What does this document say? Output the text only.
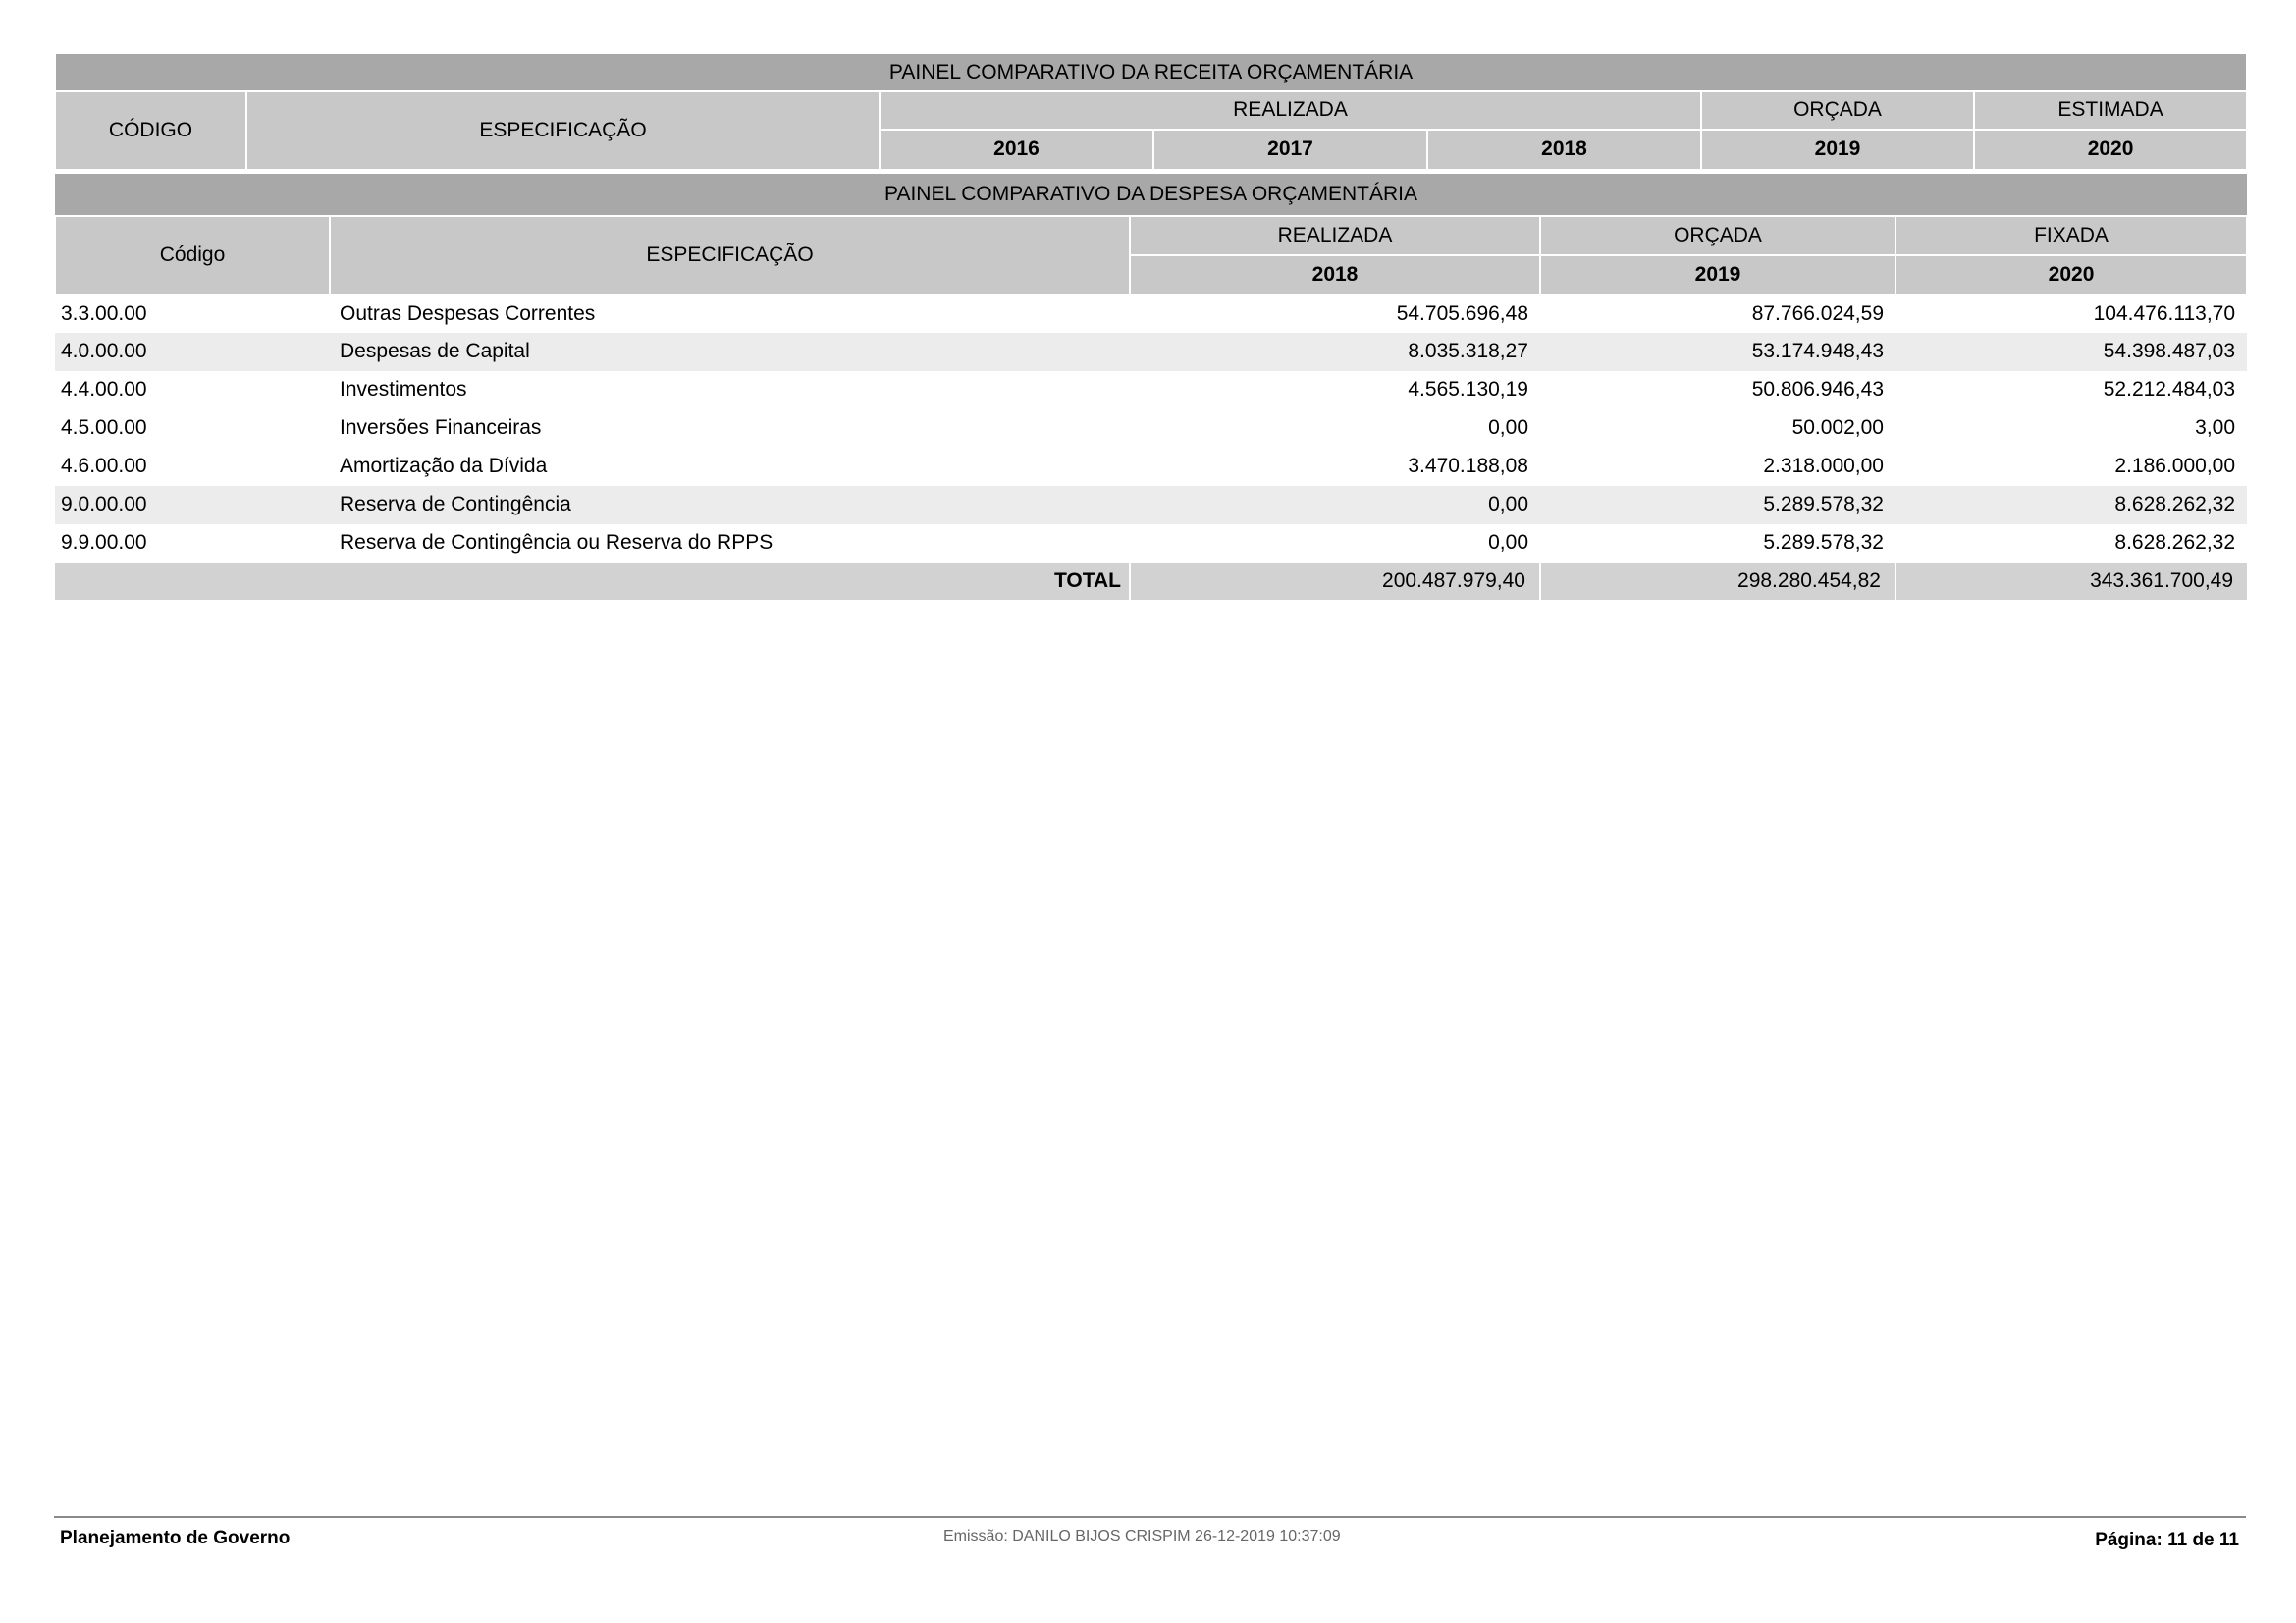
PAINEL COMPARATIVO DA RECEITA ORÇAMENTÁRIA						
CÓDIGO	ESPECIFICAÇÃO	REALIZADA			ORÇADA	ESTIMADA
		2016	2017	2018	2019	2020
PAINEL COMPARATIVO DA DESPESA ORÇAMENTÁRIA				
Código	ESPECIFICAÇÃO	REALIZADA	ORÇADA	FIXADA
		2018	2019	2020
3.3.00.00	Outras Despesas Correntes	54.705.696,48	87.766.024,59	104.476.113,70
4.0.00.00	Despesas de Capital	8.035.318,27	53.174.948,43	54.398.487,03
4.4.00.00	Investimentos	4.565.130,19	50.806.946,43	52.212.484,03
4.5.00.00	Inversões Financeiras	0,00	50.002,00	3,00
4.6.00.00	Amortização da Dívida	3.470.188,08	2.318.000,00	2.186.000,00
9.0.00.00	Reserva de Contingência	0,00	5.289.578,32	8.628.262,32
9.9.00.00	Reserva de Contingência ou Reserva do RPPS	0,00	5.289.578,32	8.628.262,32
TOTAL		200.487.979,40	298.280.454,82	343.361.700,49
Planejamento de Governo	Emissão: DANILO BIJOS CRISPIM 26-12-2019 10:37:09	Página: 11 de 11
